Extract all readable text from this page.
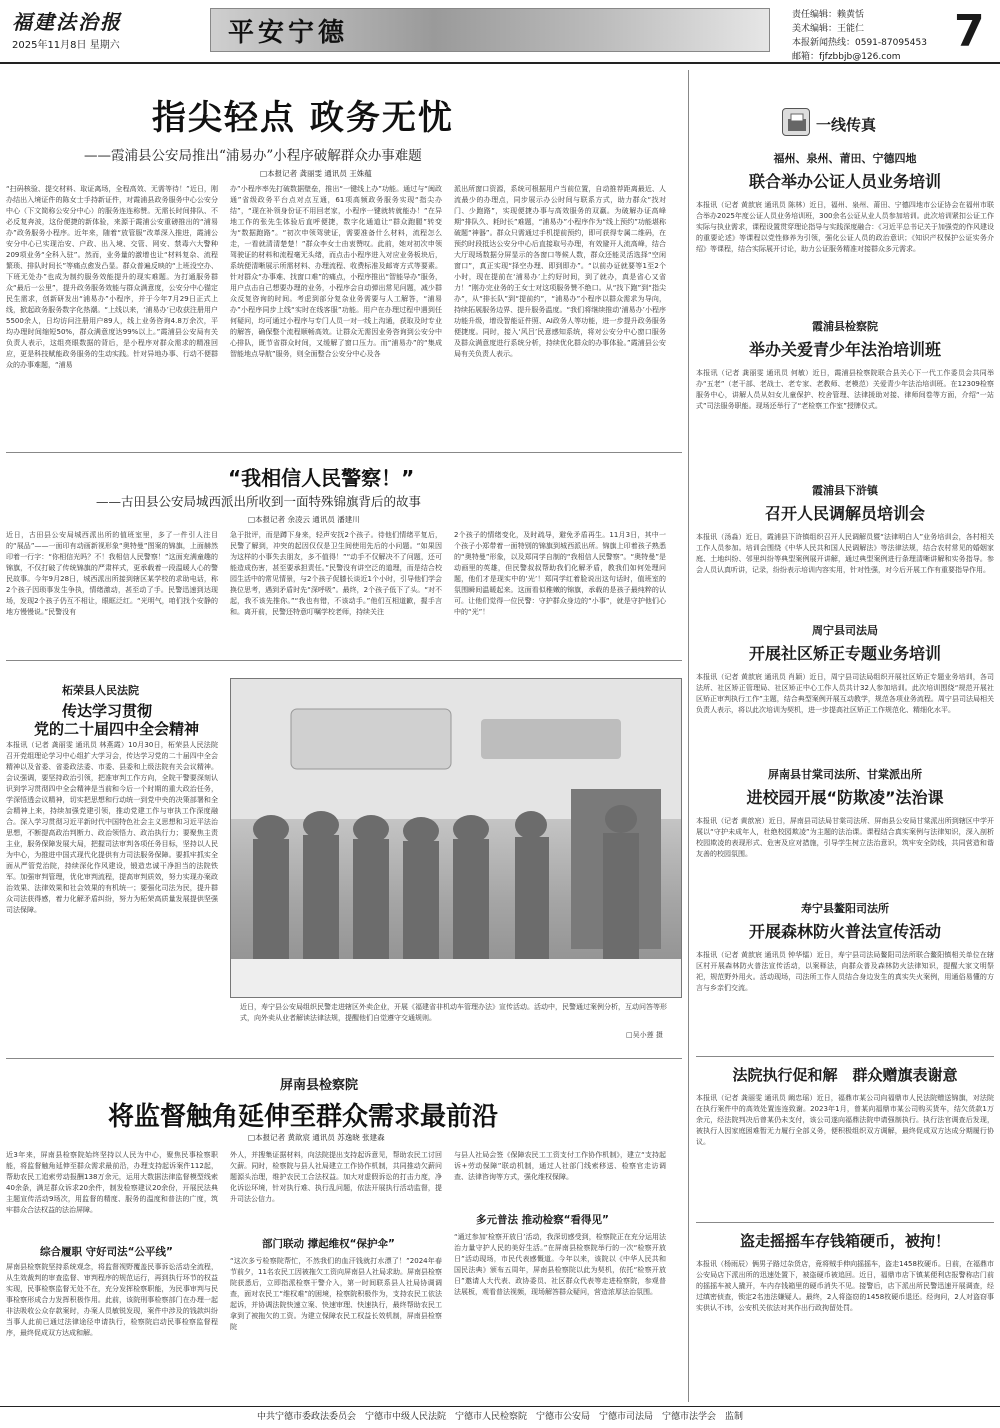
福建法治报
2025年11月8日 星期六	平安宁德
责任编辑：赖黄恬
美术编辑：王能仁
本报新闻热线：0591-87095453
邮箱：fjfzbbjb@126.com	7
指尖轻点 政务无忧
——霞浦县公安局推出“浦易办”小程序破解群众办事难题
□本报记者 龚丽雯 通讯员 王姝蕴
“扫码核验、提交材料、取证离场，全程高效、无需等待！”近日，刚办结出入境证件的陈女士手持新证件，对霞浦县政务服务中心公安分中心（下文简称公安分中心）的服务连连称赞。无需长时间排队、不必反复奔波，这份便捷的新体验，来源于霞浦公安重磅推出的“浦易办”政务服务小程序。近年来，随着“放管服”改革深入推进，霞浦公安分中心已实现治安、户政、出入境、交管、网安、禁毒六大警种209项业务“全科入驻”。然而，业务量的激增也让“材料复杂、流程繁琐、排队时间长”等痛点愈发凸显。群众普遍反映的“上班没空办、下班无处办”也成为制约服务效能提升的现实难题。为打通服务群众“最后一公里”，提升政务服务效能与群众满意度，公安分中心锚定民生需求，创新研发出“浦易办”小程序，并于今年7月29日正式上线，掀起政务服务数字化热潮。“上线以来，‘浦易办’已收获注册用户5500余人，日均访问注册用户89人，线上业务咨询4.8万余次，平均办理时间缩短50%，群众满意度达99%以上。”霞浦县公安局有关负责人表示，这组亮眼数据的背后，是小程序对群众需求的精准回应，更是科技赋能政务服务的生动实践。针对异地办事、行动不便群众的办事难题，“浦易
办”小程序率先打破数据壁垒，推出“一键线上办”功能。通过与“闽政通”省级政务平台点对点互通，61项高频政务服务实现“指尖办结”，“现在补领身份证不用回老家，小程序一键就转就能办！”在异地工作的张先生体验后直呼便捷，数字化通道让“群众跑腿”转变为“数据跑路”。“初次申领驾驶证，需要准备什么材料，流程怎么走，一看就清清楚楚！”群众李女士由衷赞叹。此前，她对初次申领驾驶证的材料和流程毫无头绪，而点击小程序进入对应业务板块后，系统便清晰展示所需材料、办理流程、收费标准及邮寄方式等要素。针对群众“办事难、找窗口难”的痛点，小程序推出“智能导办”服务，用户点击自己想要办理的业务，小程序会自动弹出常见问题，减少群众反复咨询的时间。考虑到部分复杂业务需要与人工解答，“浦易办”小程序同步上线“实时在线客服”功能。用户在办理过程中遇到任何疑问，均可通过小程序与专门人员一对一线上沟通，获取及时专业的解答，确保整个流程顺畅高效。让群众无需因业务咨询到公安分中心排队，既节省群众时间，又缓解了窗口压力。而“浦易办”的“集成智能地点导航”服务，则全面整合公安分中心及各
派出所窗口资源，系统可根据用户当前位置，自动推荐距离最近、人流最少的办理点，同步展示办公时间与联系方式，助力群众“找对门、少跑路”，实现便捷办事与高效服务的双赢。为破解办证高峰期“排队久、耗时长”难题，“浦易办”小程序作为“线上预约”功能堪称破题“神器”。群众只需通过手机提前预约，即可获得专属二维码，在预约时段抵达公安分中心后直接取号办理，有效避开人流高峰，结合大厅现场数据分屏显示的各窗口等候人数，群众还能灵活选择“空闲窗口”，真正实现“择空办理、即到即办”。“以前办证就要等1至2个小时，现在提前在‘浦易办’上约好时间，到了就办，真是省心又省力！”刚办完业务的王女士对这项服务赞不绝口。从“找下跑”到“指尖办”，从“排长队”到“提前约”，“浦易办”小程序以群众需求为导向，持续拓展服务边界、提升服务温度。“我们将继续推动‘浦易办’小程序功能升级，增设智能证件照、AI政务人等功能，进一步提升政务服务便捷度。同时，接入‘风吕’民意感知系统，将对公安分中心窗口服务及群众满意度进行系统分析，持续优化群众的办事体验。”霞浦县公安局有关负责人表示。
“我相信人民警察！”
——古田县公安局城西派出所收到一面特殊锦旗背后的故事
□本报记者 余凌云 通讯员 潘建川
近日，古田县公安局城西派出所的值班室里，多了一件引人注目的“展品”——一面印有动画新视形象“奥特曼”图案的锦旗，上面赫然印着一行字：“你相信光吗？不！我相信人民警察！”这面充满童趣的锦旗，不仅打破了传统锦旗的严肃样式，更承载着一段温暖人心的警民故事。今年9月28日，城西派出所接到辖区某学校的求助电话，称2个孩子因琐事发生争执，情绪激动，甚至动了手。民警迅速到达现场，发现2个孩子仍互不相让，眼眶泛红。“光明气，咱们找个安静的地方慢慢说。”民警没有
急于批评，而是蹲下身来，轻声安抚2个孩子。待他们情绪平复后，民警了解到，冲突的起因仅仅是卫生间使用先后的小问题。“如果因为这样的小事失去朋友，多不值得！”“动手不仅解决不了问题，还可能造成伤害，甚至要承担责任。”民警没有讲空泛的道理，而是结合校园生活中的常见情景，与2个孩子促膝长谈近1个小时，引导他们学会换位思考，遇到矛盾时先“深呼吸”。最终，2个孩子低下了头。“对不起，我不该先推你。”“我也有错，不该动手。”他们互相道歉，握手言和。离开前，民警还特意叮嘱学校老师，持续关注
2个孩子的情绪变化，及时疏导，避免矛盾再生。11月3日，其中一个孩子小郑带着一面特别的锦旗到城西派出所。锦旗上印着孩子熟悉的“奥特曼”形象，以及郑同学自制的“我相信人民警察”。“奥特曼”是动画里的英雄，但民警叔叔帮助我们化解矛盾，教我们如何处理问题，他们才是现实中的‘光’！郑同学红着脸说出这句话时，值班室的氛围瞬间温暖起来。这面看似稚嫩的锦旗，承载的是孩子最纯粹的认可。让他们觉得一位民警：守护群众身边的“小事”，就是守护他们心中的“光”！
柘荣县人民法院
传达学习贯彻
党的二十届四中全会精神
本报讯（记者 龚丽雯 通讯员 林燕霞）10月30日，柘荣县人民法院召开党组理论学习中心组扩大学习会，传达学习党的二十届四中全会精神以及省委、省委政法委、市委、县委和上级法院有关会议精神。会议强调，要坚持政治引领，把准审判工作方向，全院干警要深刻认识到学习贯彻四中全会精神是当前和今后一个时期的重大政治任务，学深悟透会议精神，切实把思想和行动统一到党中央的决策部署和全会精神上来，持续加强党建引领，推动党建工作与审执工作深度融合。深入学习贯彻习近平新时代中国特色社会主义思想和习近平法治思想，不断提高政治判断力、政治领悟力、政治执行力；要聚焦主责主业，服务保障发展大局，把握司法审判各项任务目标，坚持以人民为中心，为推进中国式现代化提供有力司法服务保障。要抓牢抓实全面从严管党治院，持续深化作风建设，锻造忠诚干净担当的法院铁军。加强审判管理，优化审判流程，提高审判质效，努力实现办案政治效果、法律效果和社会效果的有机统一；要强化司法为民，提升群众司法获得感，着力化解矛盾纠纷，努力为柘荣高质量发展提供坚强司法保障。
近日，寿宁县公安局组织民警走进辖区外卖企业，开展《福建省非机动车管理办法》宣传活动。活动中，民警通过案例分析，互动问答等形式，向外卖从业者解读法律法规，提醒他们自觉遵守交通规则。
□吴小莲 摄
屏南县检察院
将监督触角延伸至群众需求最前沿
□本报记者 黄歆宸 通讯员 苏逸晓 张建森
近3年来，屏南县检察院始终坚持以人民为中心，聚焦民事检察职能，将监督触角延伸至群众需求最前沿，办理支持起诉案件112起，帮助农民工追索劳动报酬138万余元，运用大数据法律监督模型线索40余条，满足群众诉求20余件，制发检察建议20余份，开展民法典主题宣传活动9场次，用监督的精度、服务的温度和普法的广度，筑牢群众合法权益的法治屏障。
综合履职 守好司法“公平线”
屏南县检察院坚持系统观念，将监督视野覆盖民事诉讼活动全流程，从生效裁判的审查监督、审判程序的规范运行，再到执行环节的权益实现，民事检察监督无处不在，充分发挥检察职能，为民事审判与民事检察形成合力发挥积极作用。此前，该院刑事检察部门在办理一起非法吸收公众存款案时，办案人员敏锐发现，案件中涉及的钱款纠纷当事人此前已通过法律途径申请执行，检察院启动民事检察监督程序，最终促成双方达成和解。
外人，并搜集证据材料，向法院提出支持起诉意见，帮助农民工讨回欠薪。同时，检察院与县人社局建立工作协作机制，共同推动欠薪问题源头治理，维护农民工合法权益。加大对虚假诉讼的打击力度，净化诉讼环境，针对执行难、执行乱问题，依法开展执行活动监督，提升司法公信力。
部门联动 撑起维权“保护伞”
“这次多亏检察院帮忙，不然我们的血汗钱就打水漂了！”2024年春节前夕，11名农民工因被拖欠工资向屏南县人社局求助。屏南县检察院获悉后，立即指派检察干警介入，第一时间联系县人社局协调调查，面对农民工“维权难”的困境，检察院积极作为，支持农民工依法起诉，并协调法院快速立案、快速审理、快速执行，最终帮助农民工拿到了被拖欠的工资。为建立保障农民工权益长效机制，屏南县检察院
与县人社局会签《保障农民工工资支付工作协作机制》，建立“支持起诉+劳动保障”联动机制，通过人社部门线索移送、检察官走访调查、法律咨询等方式，强化维权保障。
多元普法 推动检察“看得见”
“通过参加‘检察开放日’活动，我深切感受到，检察院正在充分运用法治力量守护人民的美好生活。”在屏南县检察院举行的一次“检察开放日”活动现场，市民代表感慨道。今年以来，该院以《中华人民共和国民法典》颁布五周年，屏南县检察院以此为契机，依托“检察开放日”邀请人大代表、政协委员、社区群众代表等走进检察院，参观普法展板，观看普法视频，现场解答群众疑问，营造浓厚法治氛围。
一线传真
福州、泉州、莆田、宁德四地
联合举办公证人员业务培训
本报讯（记者 黄歆宸 通讯员 陈林）近日，福州、泉州、莆田、宁德四地市公证协会在福州市联合举办2025年度公证人员业务培训班，300余名公证从业人员参加培训。此次培训紧扣公证工作实际与执业需求，课程设置贯穿理论指导与实践深度融合：《习近平总书记关于加强党的作风建设的重要论述》等课程以党性修养为引领，强化公证人员的政治意识；《知识产权保护公证实务介绍》等课程，结合实际展开讨论，助力公证服务精准对接群众多元需求。
霞浦县检察院
举办关爱青少年法治培训班
本报讯（记者 龚丽雯 通讯员 何敏）近日，霞浦县检察院联合县关心下一代工作委员会共同举办“五老”（老干部、老战士、老专家、老教师、老模范）关爱青少年法治培训班。在12309检察服务中心，讲解人员从妇女儿童保护、校舍管理、法律援助对接、律师间卷等方面，介绍“一站式”司法服务职能。现场还举行了“老检察工作室”授牌仪式。
霞浦县下浒镇
召开人民调解员培训会
本报讯（汤淼）近日，霞浦县下浒镇组织召开人民调解员暨“法律明白人”业务培训会，各村相关工作人员参加。培训会围绕《中华人民共和国人民调解法》等法律法规，结合农村常见的婚姻家庭、土地纠纷、邻里纠纷等典型案例展开讲解，通过典型案例进行条理清晰讲解和实务指导。参会人员认真听讲，记录，纷纷表示培训内容实用，针对性强，对今后开展工作有重要指导作用。
周宁县司法局
开展社区矫正专题业务培训
本报讯（记者 黄歆宸 通讯员 肖颖）近日，周宁县司法局组织开展社区矫正专题业务培训，各司法所、社区矫正管理局、社区矫正中心工作人员共计32人参加培训。此次培训围绕“规范开展社区矫正审判执行工作”主题，结合典型案例开展互动教学，规范各项业务流程。周宁县司法局相关负责人表示，将以此次培训为契机，进一步提高社区矫正工作规范化、精细化水平。
屏南县甘棠司法所、甘棠派出所
进校园开展“防欺凌”法治课
本报讯（记者 黄歆宸）近日，屏南县司法局甘棠司法所、屏南县公安局甘棠派出所到辖区中学开展以“守护未成年人，杜绝校园欺凌”为主题的法治课。课程结合真实案例与法律知识，深入剖析校园欺凌的表现形式、危害及应对措施，引导学生树立法治意识，筑牢安全防线，共同营造和谐友善的校园氛围。
寿宁县鳌阳司法所
开展森林防火普法宣传活动
本报讯（记者 黄歆宸 通讯员 钟华镭）近日，寿宁县司法局鳌阳司法所联合鳌阳镇相关单位在辖区村开展森林防火普法宣传活动，以案释法，向群众普及森林防火法律知识，提醒大家文明祭祀，规范野外用火。活动现场，司法所工作人员结合身边发生的真实失火案例，用通俗易懂的方言与乡亲们交流。
法院执行促和解　群众赠旗表谢意
本报讯（记者 龚丽雯 通讯员 阚忠瑶）近日，福鼎市某公司向福鼎市人民法院赠送锦旗，对法院在执行案件中的高效处置连连致谢。2023年1月，曾某向福鼎市某公司购买货车，结欠货款1万余元，经法院判决后曾某仍未支付，该公司遂向福鼎法院申请强制执行。执行法官调查后发现，被执行人因家庭困难暂无力履行全部义务，便积极组织双方调解，最终促成双方达成分期履行协议。
盗走摇摇车存钱箱硬币，被拘！
本报讯（杨雨辰）俩男子路过杂货店，竟将贼手伸向摇摇车，盗走1458枚硬币。日前，在福鼎市公安局店下派出所的迅速处置下，被盗硬币被追回。近日，福鼎市店下镇某便利店报警称店门前的摇摇车被人撬开，车内存钱箱里的硬币消失不见。接警后，店下派出所民警迅速开展调查，经过缜密侦查，锁定2名违法嫌疑人。最终，2人将盗窃的1458枚硬币退还。经询问，2人对盗窃事实供认不讳，公安机关依法对其作出行政拘留处罚。
中共宁德市委政法委员会　宁德市中级人民法院　宁德市人民检察院　宁德市公安局　宁德市司法局　宁德市法学会　监制
